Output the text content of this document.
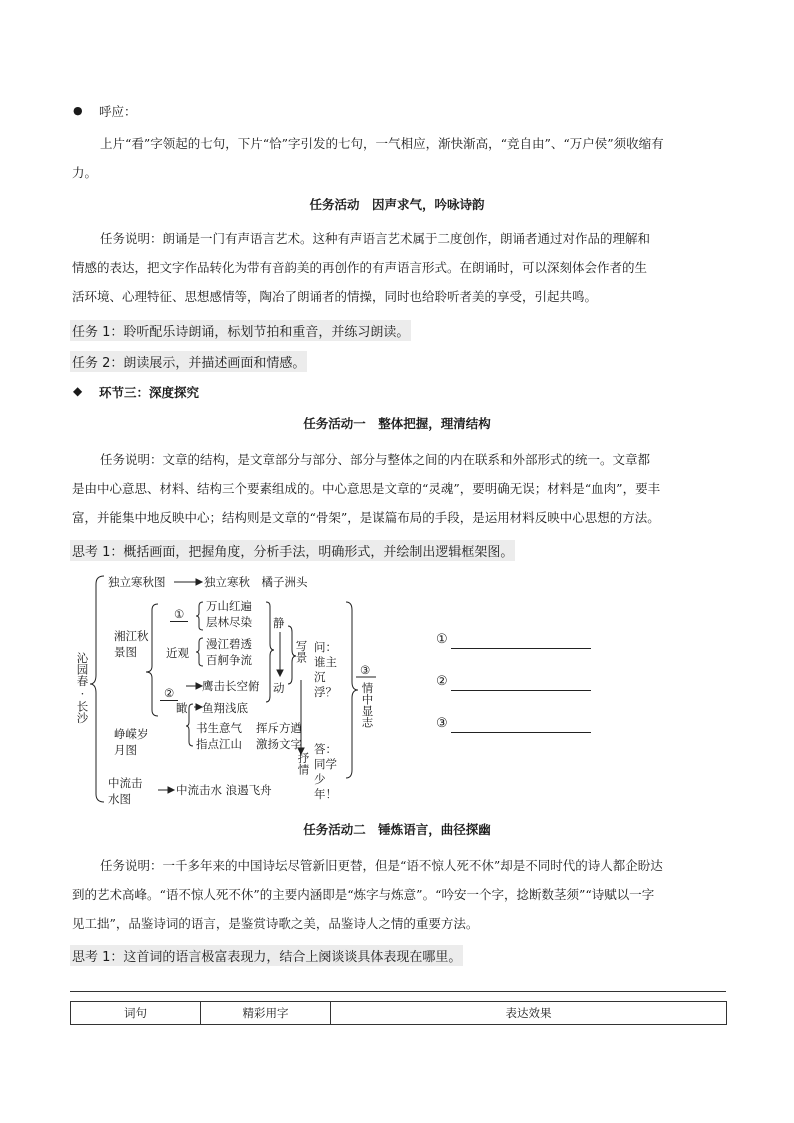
● 呼应：
上片“看”字领起的七句，下片“恰”字引发的七句，一气相应，渐快渐高，“竞自由”、“万户侯”须收缩有
力。
任务活动　因声求气，吟咏诗韵
任务说明：朗诵是一门有声语言艺术。这种有声语言艺术属于二度创作，朗诵者通过对作品的理解和
情感的表达，把文字作品转化为带有音韵美的再创作的有声语言形式。在朗诵时，可以深刻体会作者的生
活环境、心理特征、思想感情等，陶冶了朗诵者的情操，同时也给聆听者美的享受，引起共鸣。
任务 1：聆听配乐诗朗诵，标划节拍和重音，并练习朗读。
任务 2：朗读展示，并描述画面和情感。
◆ 环节三：深度探究
任务活动一　整体把握，理清结构
任务说明：文章的结构，是文章部分与部分、部分与整体之间的内在联系和外部形式的统一。文章都
是由中心意思、材料、结构三个要素组成的。中心意思是文章的“灵魂”，要明确无误；材料是“血肉”，要丰
富，并能集中地反映中心；结构则是文章的“骨架”，是谋篇布局的手段，是运用材料反映中心思想的方法。
思考 1：概括画面，把握角度，分析手法，明确形式，并绘制出逻辑框架图。
沁园春·长沙
独立寒秋图	独立寒秋　橘子洲头
湘江秋景图
①
万山红遍
层林尽染
近观
漫江碧透
百舸争流
②
瞰
鹰击长空俯
鱼翔浅底
静
动
写景 问：谁主沉浮？
③
情中显志
峥嵘岁月图
书生意气 挥斥方遒
指点江山 激扬文字
抒情
答：同学少年！
中流击水图
中流击水 浪遏飞舟
①
②
③
任务活动二　锤炼语言，曲径探幽
任务说明：一千多年来的中国诗坛尽管新旧更替，但是“语不惊人死不休”却是不同时代的诗人都企盼达
到的艺术高峰。“语不惊人死不休”的主要内涵即是“炼字与炼意”。“吟安一个字，捻断数茎须”“诗赋以一字
见工拙”，品鉴诗词的语言，是鉴赏诗歌之美，品鉴诗人之情的重要方法。
思考 1：这首词的语言极富表现力，结合上阕谈谈具体表现在哪里。
词句	精彩用字	表达效果
